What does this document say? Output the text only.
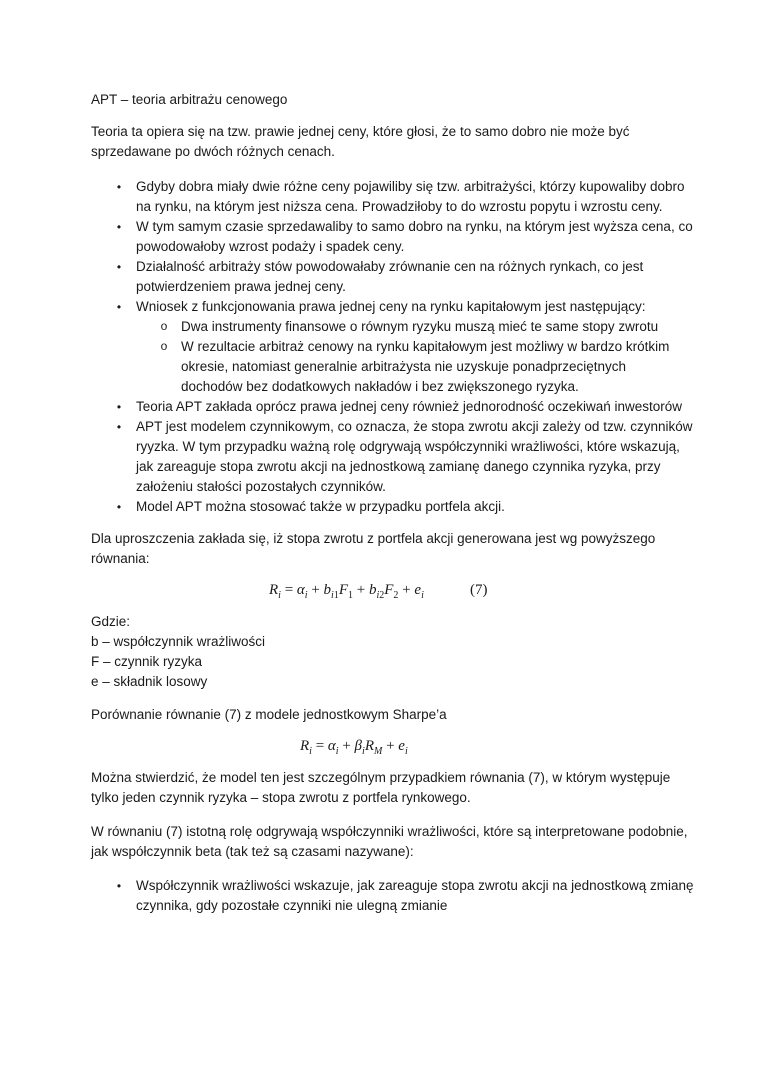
APT – teoria arbitrażu cenowego

Teoria ta opiera się na tzw. prawie jednej ceny, które głosi, że to samo dobro nie może być
sprzedawane po dwóch różnych cenach.

• Gdyby dobra miały dwie różne ceny pojawiliby się tzw. arbitrażyści, którzy kupowaliby dobro
na rynku, na którym jest niższa cena. Prowadziłoby to do wzrostu popytu i wzrostu ceny.
• W tym samym czasie sprzedawaliby to samo dobro na rynku, na którym jest wyższa cena, co
powodowałoby wzrost podaży i spadek ceny.
• Działalność arbitraży stów powodowałaby zrównanie cen na różnych rynkach, co jest
potwierdzeniem prawa jednej ceny.
• Wniosek z funkcjonowania prawa jednej ceny na rynku kapitałowym jest następujący:
o Dwa instrumenty finansowe o równym ryzyku muszą mieć te same stopy zwrotu
o W rezultacie arbitraż cenowy na rynku kapitałowym jest możliwy w bardzo krótkim
okresie, natomiast generalnie arbitrażysta nie uzyskuje ponadprzeciętnych
dochodów bez dodatkowych nakładów i bez zwiększonego ryzyka.
• Teoria APT zakłada oprócz prawa jednej ceny również jednorodność oczekiwań inwestorów
• APT jest modelem czynnikowym, co oznacza, że stopa zwrotu akcji zależy od tzw. czynników
ryyzka. W tym przypadku ważną rolę odgrywają współczynniki wrażliwości, które wskazują,
jak zareaguje stopa zwrotu akcji na jednostkową zamianę danego czynnika ryzyka, przy
założeniu stałości pozostałych czynników.
• Model APT można stosować także w przypadku portfela akcji.

Dla uproszczenia zakłada się, iż stopa zwrotu z portfela akcji generowana jest wg powyższego
równania:

$R_i = \alpha_i + b_{i1}F_1 + b_{i2}F_2 + e_i$	(7)

Gdzie:
b – współczynnik wrażliwości
F – czynnik ryzyka
e – składnik losowy

Porównanie równanie (7) z modele jednostkowym Sharpe’a

$R_i = \alpha_i + \beta_iR_M + e_i$

Można stwierdzić, że model ten jest szczególnym przypadkiem równania (7), w którym występuje
tylko jeden czynnik ryzyka – stopa zwrotu z portfela rynkowego.

W równaniu (7) istotną rolę odgrywają współczynniki wrażliwości, które są interpretowane podobnie,
jak współczynnik beta (tak też są czasami nazywane):

• Współczynnik wrażliwości wskazuje, jak zareaguje stopa zwrotu akcji na jednostkową zmianę
czynnika, gdy pozostałe czynniki nie ulegną zmianie
